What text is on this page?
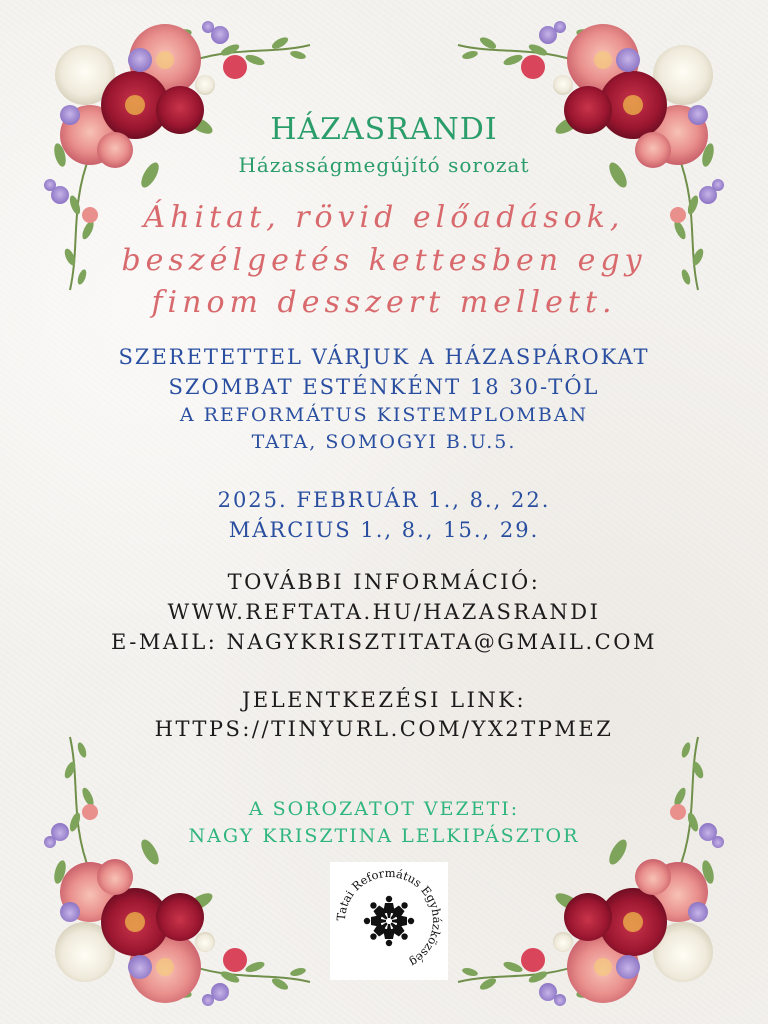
HÁZASRANDI
Házasságmegújító sorozat
Áhitat, rövid előadások,
beszélgetés kettesben egy
finom desszert mellett.
SZERETETTEL VÁRJUK A HÁZASPÁROKAT
SZOMBAT ESTÉNKÉNT 18 30-TÓL
A REFORMÁTUS KISTEMPLOMBAN
TATA, SOMOGYI B.U.5.
2025. FEBRUÁR 1., 8., 22.
MÁRCIUS 1., 8., 15., 29.
TOVÁBBI INFORMÁCIÓ:
WWW.REFTATA.HU/HAZASRANDI
E-MAIL: NAGYKRISZTITATA@GMAIL.COM
JELENTKEZÉSI LINK:
HTTPS://TINYURL.COM/YX2TPMEZ
A SOROZATOT VEZETI:
NAGY KRISZTINA LELKIPÁSZTOR
Tatai Református Egyházközség
